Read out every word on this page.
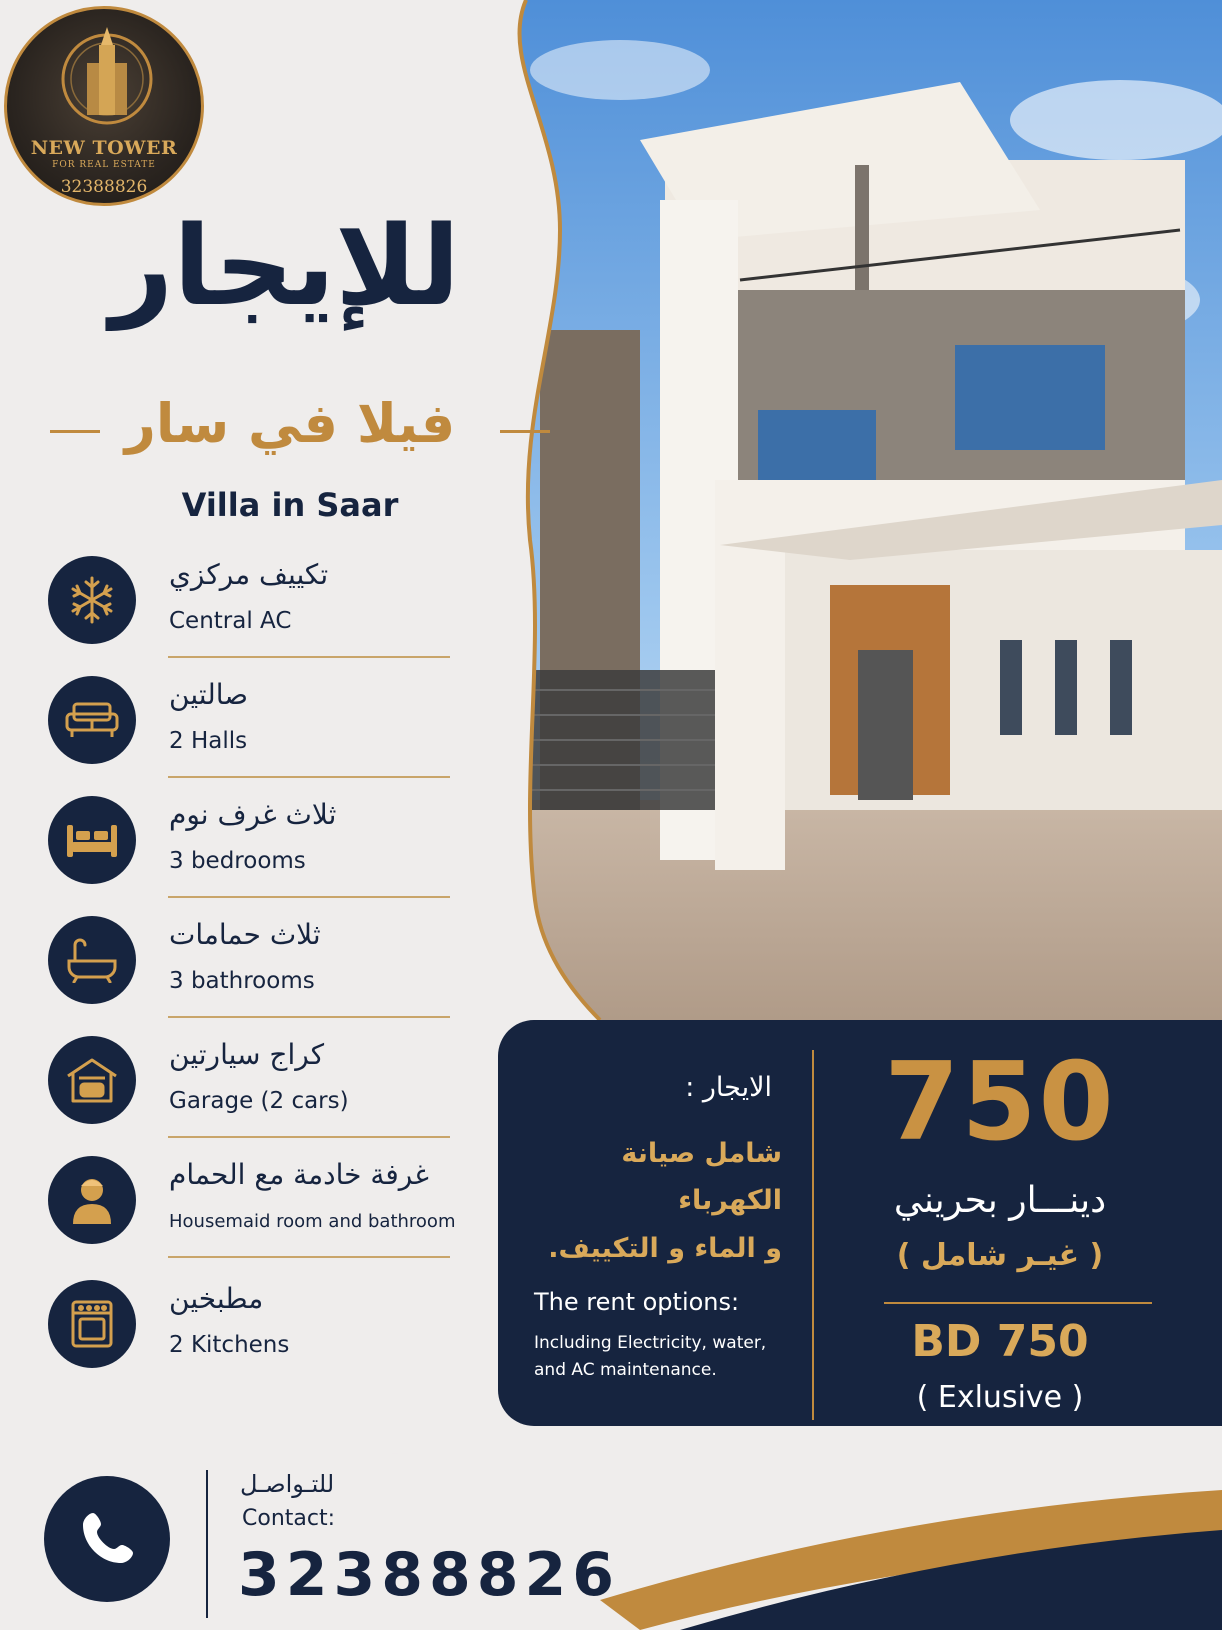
NEW TOWER
FOR REAL ESTATE
32388826
للإيجار
فيلا في سار
Villa in Saar
تكييف مركزي
Central AC
صالتين
2 Halls
ثلاث غرف نوم
3 bedrooms
ثلاث حمامات
3 bathrooms
كراج سيارتين
Garage (2 cars)
غرفة خادمة مع الحمام
Housemaid room and bathroom
مطبخين
2 Kitchens
الايجار :
شامل صيانة الكهرباء
و الماء و التكييف.
The rent options:
Including Electricity, water,
and AC maintenance.
750
دينـــار بحريني
( غيـر شامل )
BD 750
( Exlusive )
للتـواصـل
Contact:
32388826
